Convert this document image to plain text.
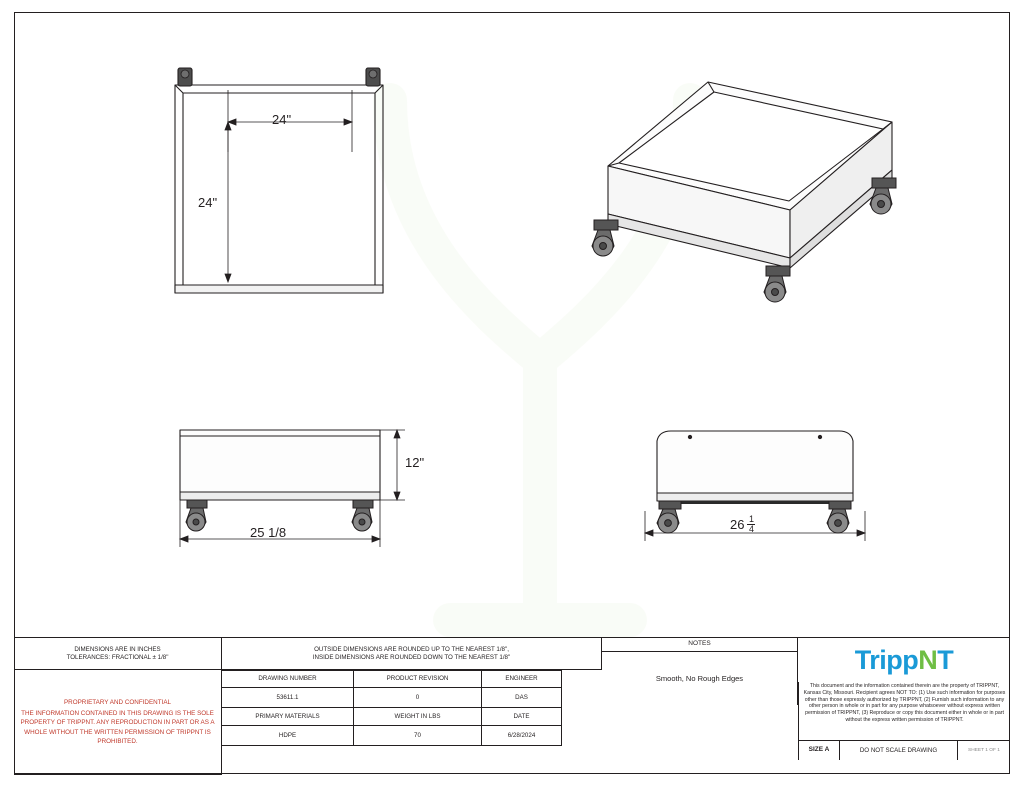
24"
24"
12"
25 1/8
26 1
4
DIMENSIONS ARE IN INCHES
TOLERANCES: FRACTIONAL ± 1/8"
OUTSIDE DIMENSIONS ARE ROUNDED UP TO THE NEAREST 1/8",
INSIDE DIMENSIONS ARE ROUNDED DOWN TO THE NEAREST 1/8"
NOTES
Smooth, No Rough Edges
TrippNT
PROPRIETARY AND CONFIDENTIAL
THE INFORMATION CONTAINED IN THIS DRAWING IS THE SOLE PROPERTY OF TRIPPNT. ANY REPRODUCTION IN PART OR AS A WHOLE WITHOUT THE WRITTEN PERMISSION OF TRIPPNT IS PROHIBITED.
DRAWING NUMBER	PRODUCT REVISION	ENGINEER
53611.1	0	DAS
PRIMARY MATERIALS	WEIGHT IN LBS	DATE
HDPE	70	6/28/2024
This document and the information contained therein are the property of TRIPPNT, Kansas City, Missouri. Recipient agrees NOT TO: (1) Use such information for purposes other than those expressly authorized by TRIPPNT, (2) Furnish such information to any other person in whole or in part for any purpose whatsoever without express written permission of TRIPPNT, (3) Reproduce or copy this document either in whole or in part without the express written permission of TRIPPNT.
SIZE A	DO NOT SCALE DRAWING	SHEET 1 OF 1
